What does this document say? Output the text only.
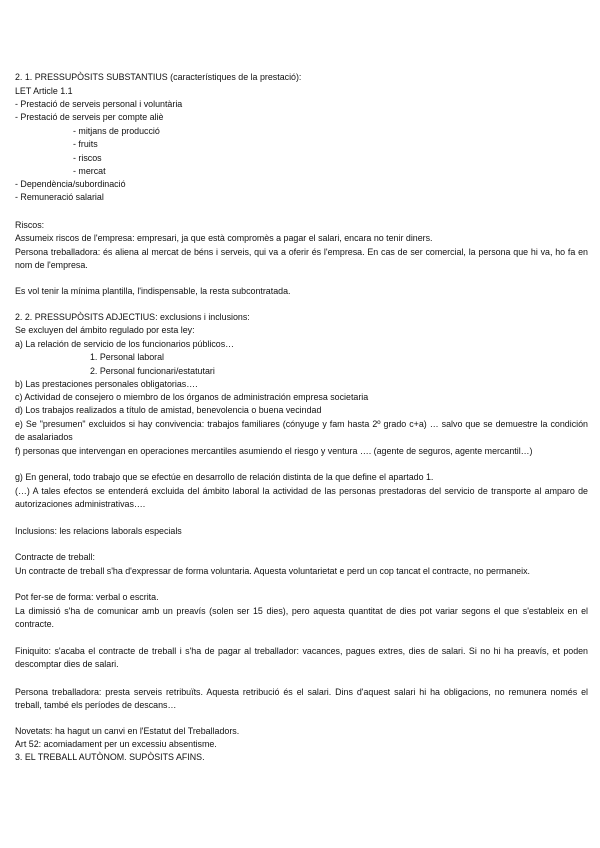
2. 1. PRESSUPÒSITS SUBSTANTIUS (característiques de la prestació):
LET Article 1.1
- Prestació de serveis personal i voluntària
- Prestació de serveis per compte aliè
- mitjans de producció
- fruits
- riscos
- mercat
- Dependència/subordinació
- Remuneració salarial
Riscos:
Assumeix riscos de l'empresa: empresari, ja que està compromès a pagar el salari, encara no tenir diners.
Persona treballadora: és aliena al mercat de béns i serveis, qui va a oferir és l'empresa. En cas de ser comercial, la persona que hi va, ho fa en nom de l'empresa.
Es vol tenir la mínima plantilla, l'indispensable, la resta subcontratada.
2. 2. PRESSUPÒSITS ADJECTIUS: exclusions i inclusions:
Se excluyen del ámbito regulado por esta ley:
a) La relación de servicio de los funcionarios públicos…
1. Personal laboral
2. Personal funcionari/estatutari
b) Las prestaciones personales obligatorias….
c) Actividad de consejero o miembro de los órganos de administración empresa societaria
d) Los trabajos realizados a título de amistad, benevolencia o buena vecindad
e) Se "presumen" excluidos si hay convivencia: trabajos familiares (cónyuge y fam hasta 2º grado c+a) … salvo que se demuestre la condición de asalariados
f) personas que intervengan en operaciones mercantiles asumiendo el riesgo y ventura …. (agente de seguros, agente mercantil…)
g) En general, todo trabajo que se efectúe en desarrollo de relación distinta de la que define el apartado 1.
(…) A tales efectos se entenderá excluida del ámbito laboral la actividad de las personas prestadoras del servicio de transporte al amparo de autorizaciones administrativas….
Inclusions: les relacions laborals especials
Contracte de treball:
Un contracte de treball s'ha d'expressar de forma voluntaria. Aquesta voluntarietat e perd un cop tancat el contracte, no permaneix.
Pot fer-se de forma: verbal o escrita.
La dimissió s'ha de comunicar amb un preavís (solen ser 15 dies), pero aquesta quantitat de dies pot variar segons el que s'estableix en el contracte.
Finiquito: s'acaba el contracte de treball i s'ha de pagar al treballador: vacances, pagues extres, dies de salari. Si no hi ha preavís, et poden descomptar dies de salari.
Persona treballadora: presta serveis retribuïts. Aquesta retribució és el salari. Dins d'aquest salari hi ha obligacions, no remunera només el treball, també els períodes de descans…
Novetats: ha hagut un canvi en l'Estatut del Treballadors.
Art 52: acomiadament per un excessiu absentisme.
3. EL TREBALL AUTÒNOM. SUPÒSITS AFINS.
